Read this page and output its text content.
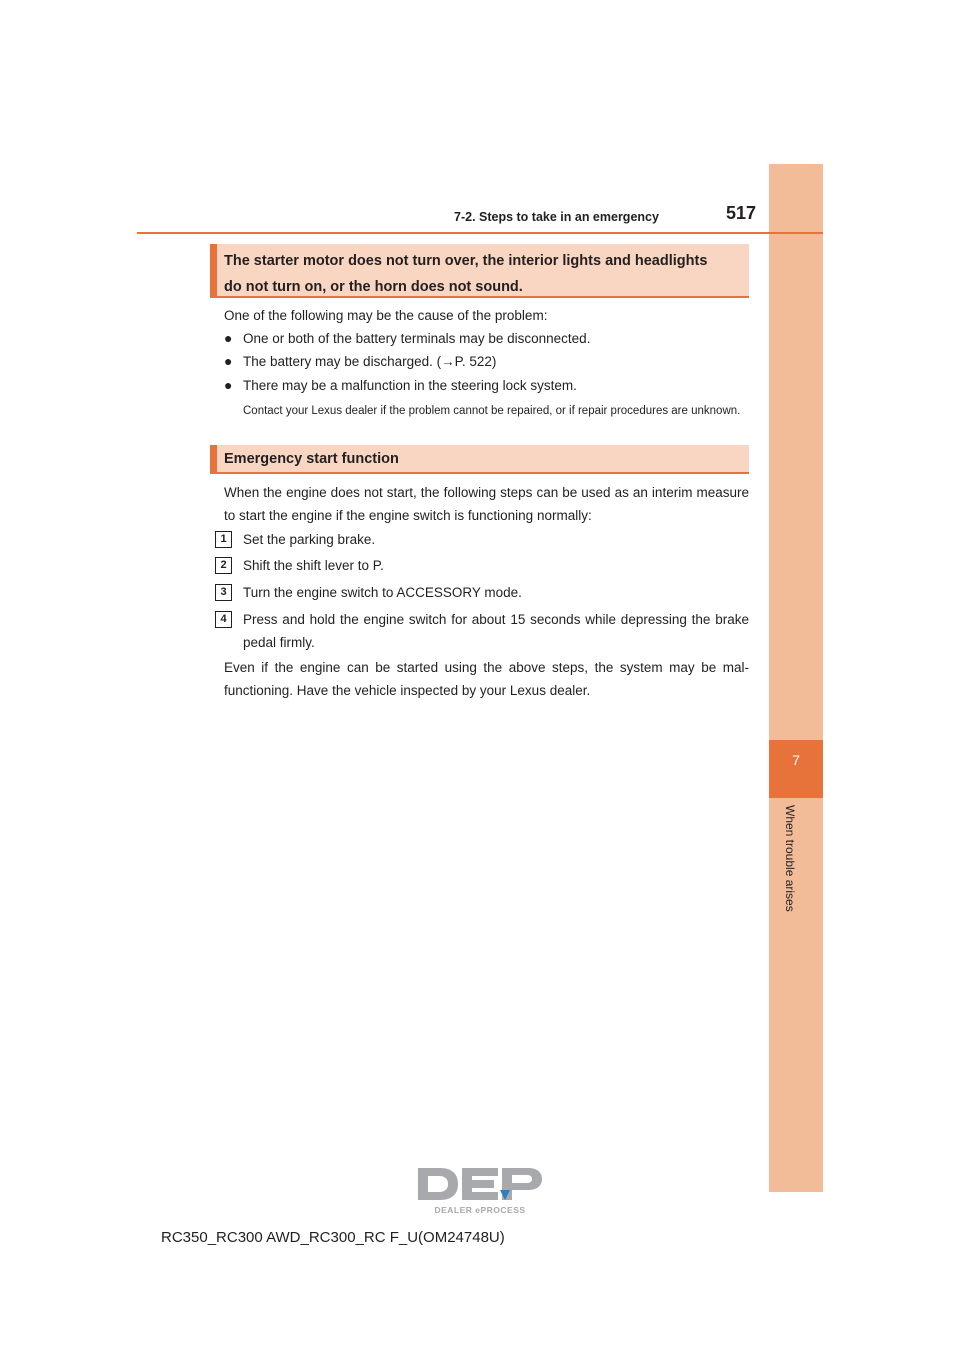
7
When trouble arises
7-2. Steps to take in an emergency	517
The starter motor does not turn over, the interior lights and headlights
do not turn on, or the horn does not sound.
One of the following may be the cause of the problem:
● One or both of the battery terminals may be disconnected.
● The battery may be discharged. (→P. 522)
● There may be a malfunction in the steering lock system.
Contact your Lexus dealer if the problem cannot be repaired, or if repair procedures are unknown.
Emergency start function
When the engine does not start, the following steps can be used as an interim measure to start the engine if the engine switch is functioning normally:
1	Set the parking brake.
2	Shift the shift lever to P.
3	Turn the engine switch to ACCESSORY mode.
4	Press and hold the engine switch for about 15 seconds while depressing the brake pedal firmly.
Even if the engine can be started using the above steps, the system may be mal-functioning. Have the vehicle inspected by your Lexus dealer.
DEALER ePROCESS
RC350_RC300 AWD_RC300_RC F_U(OM24748U)
